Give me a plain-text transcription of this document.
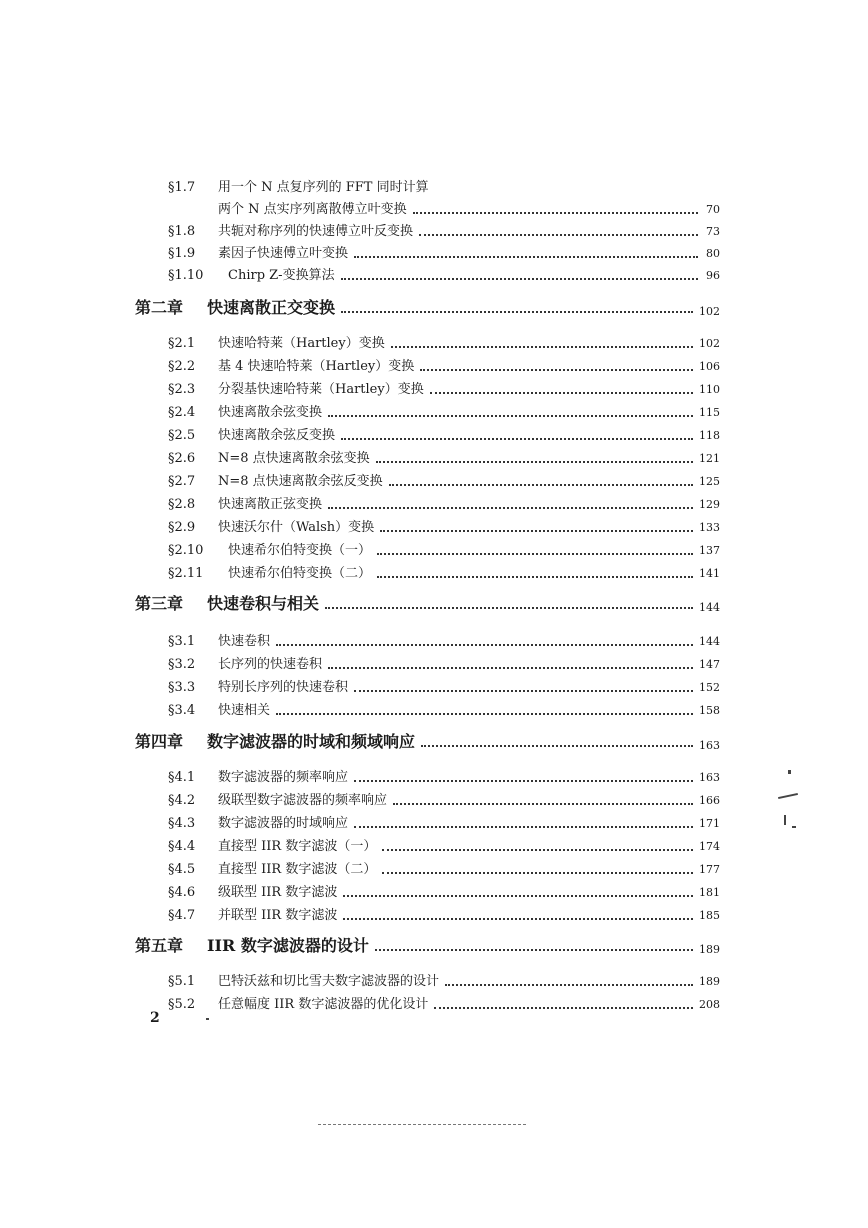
§1.7	用一个 N 点复序列的 FFT 同时计算
两个 N 点实序列离散傅立叶变换	70
§1.8	共轭对称序列的快速傅立叶反变换	73
§1.9	素因子快速傅立叶变换	80
§1.10	Chirp Z-变换算法	96
第二章	快速离散正交变换	102
§2.1	快速哈特莱（Hartley）变换	102
§2.2	基 4 快速哈特莱（Hartley）变换	106
§2.3	分裂基快速哈特莱（Hartley）变换	110
§2.4	快速离散余弦变换	115
§2.5	快速离散余弦反变换	118
§2.6	N=8 点快速离散余弦变换	121
§2.7	N=8 点快速离散余弦反变换	125
§2.8	快速离散正弦变换	129
§2.9	快速沃尔什（Walsh）变换	133
§2.10	快速希尔伯特变换（一）	137
§2.11	快速希尔伯特变换（二）	141
第三章	快速卷积与相关	144
§3.1	快速卷积	144
§3.2	长序列的快速卷积	147
§3.3	特别长序列的快速卷积	152
§3.4	快速相关	158
第四章	数字滤波器的时域和频域响应	163
§4.1	数字滤波器的频率响应	163
§4.2	级联型数字滤波器的频率响应	166
§4.3	数字滤波器的时域响应	171
§4.4	直接型 IIR 数字滤波（一）	174
§4.5	直接型 IIR 数字滤波（二）	177
§4.6	级联型 IIR 数字滤波	181
§4.7	并联型 IIR 数字滤波	185
第五章	IIR 数字滤波器的设计	189
§5.1	巴特沃兹和切比雪夫数字滤波器的设计	189
§5.2	任意幅度 IIR 数字滤波器的优化设计	208
2
